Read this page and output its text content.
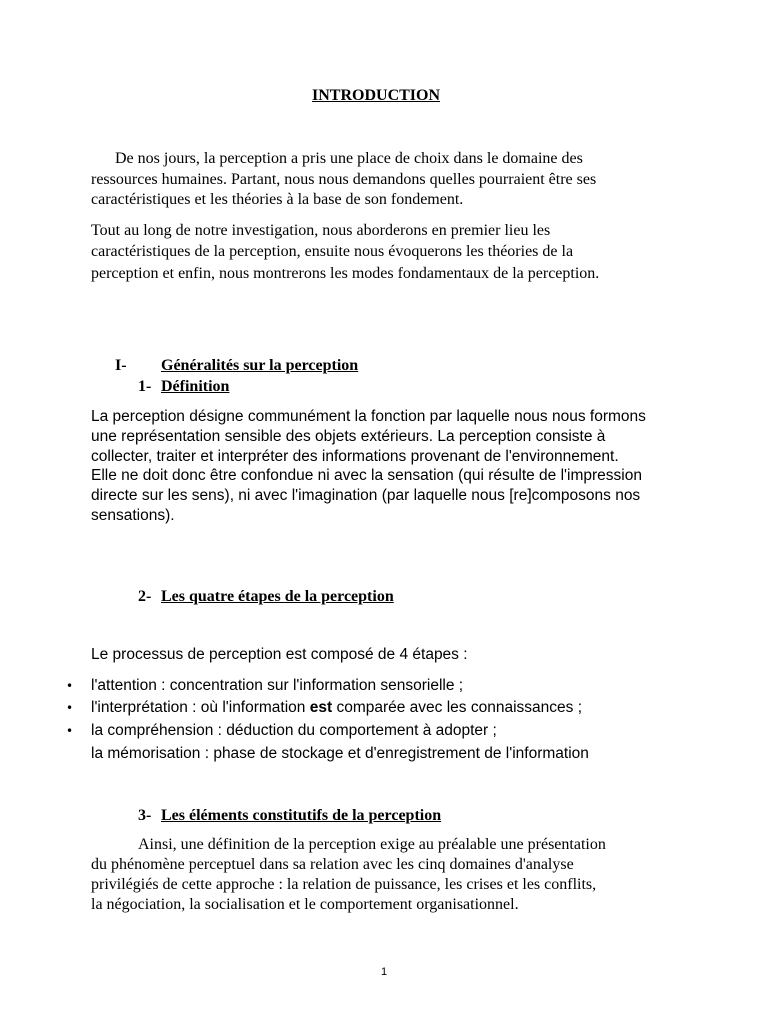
INTRODUCTION
De nos jours, la perception a pris une place de choix dans le domaine des
ressources humaines. Partant, nous nous demandons quelles pourraient être ses
caractéristiques et les théories à la base de son fondement.
Tout au long de notre investigation, nous aborderons en premier lieu les
caractéristiques de la perception, ensuite nous évoquerons les théories de la
perception et enfin, nous montrerons les modes fondamentaux de la perception.
I- Généralités sur la perception
1- Définition
La perception désigne communément la fonction par laquelle nous nous formons
une représentation sensible des objets extérieurs. La perception consiste à
collecter, traiter et interpréter des informations provenant de l'environnement.
Elle ne doit donc être confondue ni avec la sensation (qui résulte de l'impression
directe sur les sens), ni avec l'imagination (par laquelle nous [re]composons nos
sensations).
2- Les quatre étapes de la perception
Le processus de perception est composé de 4 étapes :
• l'attention : concentration sur l'information sensorielle ;
• l'interprétation : où l'information est comparée avec les connaissances ;
• la compréhension : déduction du comportement à adopter ;
la mémorisation : phase de stockage et d'enregistrement de l'information
3- Les éléments constitutifs de la perception
Ainsi, une définition de la perception exige au préalable une présentation
du phénomène perceptuel dans sa relation avec les cinq domaines d'analyse
privilégiés de cette approche : la relation de puissance, les crises et les conflits,
la négociation, la socialisation et le comportement organisationnel.
1
